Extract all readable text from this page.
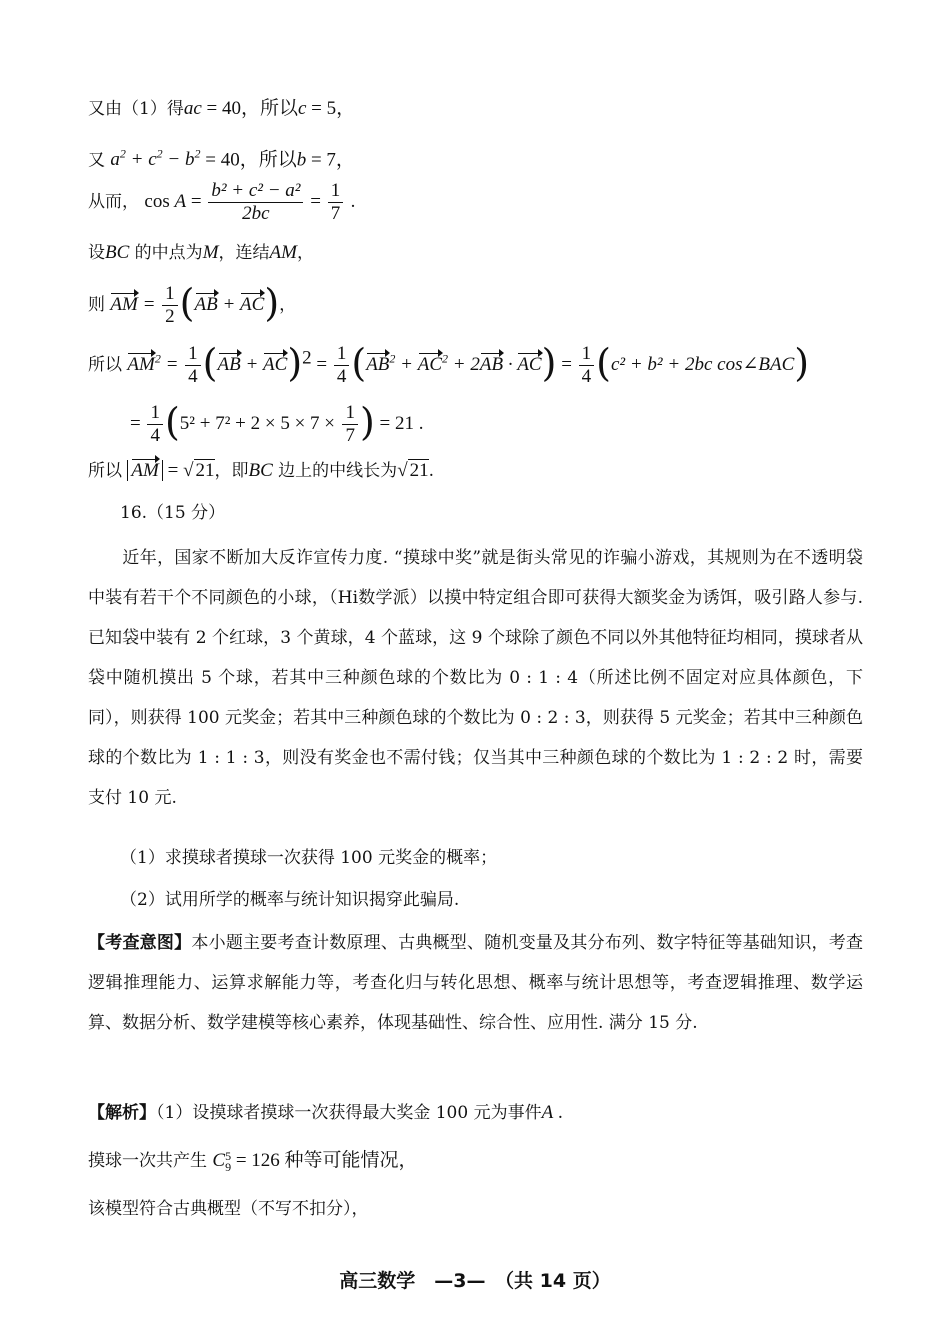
又由（1）得ac = 40，所以c = 5，
又 $a^2 + c^2 - b^2 = 40$，所以b = 7，
从而， $\cos A = \frac{\text{b² + c² − a²}}{2bc} = \frac{1}{7}$ .
设BC 的中点为M，连结AM，
则 AM = $\frac{1}{2} (AB + AC)$，
所以 $AM^2 = \frac{1}{4} (AB + AC)^2 = \frac{1}{4} (AB^2 + AC^2 + 2AB \cdot AC) = \frac{1}{4} (c^2 + b^2 + 2bc$ cos∠BAC)
= $\frac{1}{4} (5^2 + 7^2 + 2 \times 5 \times 7 \times \frac{1}{7}$ ) = 21 .
所以 AM = √ 21，即BC 边上的中线长为√ 21.
16.（15 分）
近年，国家不断加大反诈宣传力度. “摸球中奖”就是街头常见的诈骗小游戏，其规则为在不透明袋中装有若干个不同颜色的小球，（Hi数学派）以摸中特定组合即可获得大额奖金为诱饵，吸引路人参与. 已知袋中装有 2 个红球，3 个黄球，4 个蓝球，这 9 个球除了颜色不同以外其他特征均相同，摸球者从袋中随机摸出 5 个球，若其中三种颜色球的个数比为 0 : 1 : 4（所述比例不固定对应具体颜色，下同），则获得 100 元奖金；若其中三种颜色球的个数比为 0 : 2 : 3，则获得 5 元奖金；若其中三种颜色球的个数比为 1 : 1 : 3，则没有奖金也不需付钱；仅当其中三种颜色球的个数比为 1 : 2 : 2 时，需要支付 10 元.
（1）求摸球者摸球一次获得 100 元奖金的概率；
（2）试用所学的概率与统计知识揭穿此骗局.
【考查意图】本小题主要考查计数原理、古典概型、随机变量及其分布列、数字特征等基础知识，考查逻辑推理能力、运算求解能力等，考查化归与转化思想、概率与统计思想等，考查逻辑推理、数学运算、数据分析、数学建模等核心素养，体现基础性、综合性、应用性. 满分 15 分.
【解析】（1）设摸球者摸球一次获得最大奖金 100 元为事件A .
摸球一次共产生 C 5
9 = 126 种等可能情况，
该模型符合古典概型（不写不扣分），
高三数学　—3—　（共 14 页）
